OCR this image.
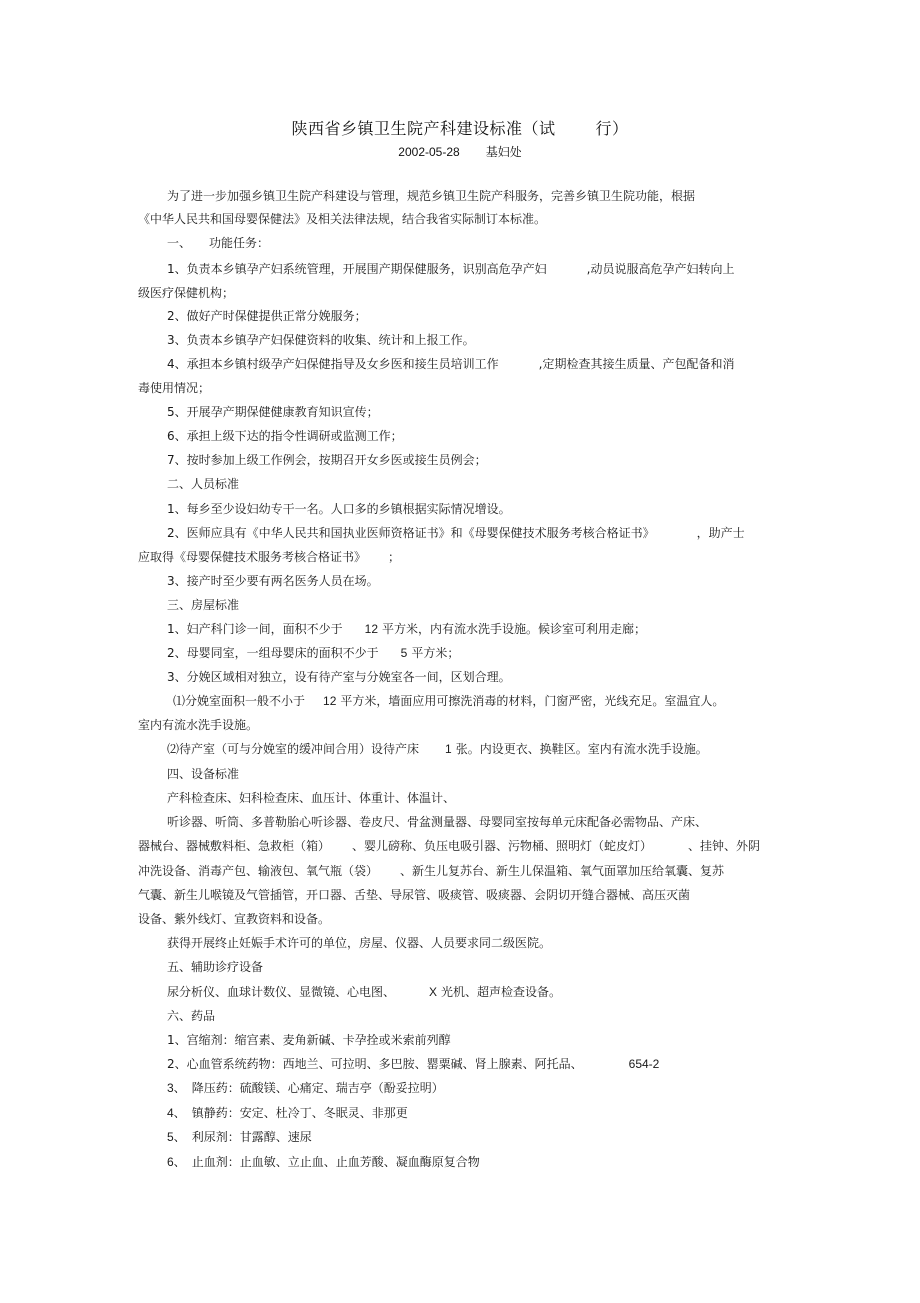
陕西省乡镇卫生院产科建设标准（试	行）
2002-05-28 基妇处
为了进一步加强乡镇卫生院产科建设与管理，规范乡镇卫生院产科服务，完善乡镇卫生院功能，根据
《中华人民共和国母婴保健法》及相关法律法规，结合我省实际制订本标准。
一、 功能任务：
1、负责本乡镇孕产妇系统管理，开展围产期保健服务，识别高危孕产妇	,动员说服高危孕产妇转向上
级医疗保健机构；
2、做好产时保健提供正常分娩服务；
3、负责本乡镇孕产妇保健资料的收集、统计和上报工作。
4、承担本乡镇村级孕产妇保健指导及女乡医和接生员培训工作	,定期检查其接生质量、产包配备和消
毒使用情况；
5、开展孕产期保健健康教育知识宣传；
6、承担上级下达的指令性调研或监测工作；
7、按时参加上级工作例会，按期召开女乡医或接生员例会；
二、人员标准
1、每乡至少设妇幼专干一名。人口多的乡镇根据实际情况增设。
2、医师应具有《中华人民共和国执业医师资格证书》和《母婴保健技术服务考核合格证书》	，助产士
应取得《母婴保健技术服务考核合格证书》 ；
3、接产时至少要有两名医务人员在场。
三、房屋标准
1、妇产科门诊一间，面积不少于 12 平方米，内有流水洗手设施。候诊室可利用走廊；
2、母婴同室，一组母婴床的面积不少于 5 平方米；
3、分娩区域相对独立，设有待产室与分娩室各一间，区划合理。
⑴分娩室面积一般不小于 12 平方米，墙面应用可擦洗消毒的材料，门窗严密，光线充足。室温宜人。
室内有流水洗手设施。
⑵待产室（可与分娩室的缓冲间合用）设待产床 1 张。内设更衣、换鞋区。室内有流水洗手设施。
四、设备标准
产科检查床、妇科检查床、血压计、体重计、体温计、
听诊器、听筒、多普勒胎心听诊器、卷皮尺、骨盆测量器、母婴同室按每单元床配备必需物品、产床、
器械台、器械敷料柜、急救柜（箱） 、婴儿磅称、负压电吸引器、污物桶、照明灯（蛇皮灯）	、挂钟、外阴
冲洗设备、消毒产包、输液包、氧气瓶（袋） 、新生儿复苏台、新生儿保温箱、氧气面罩加压给氧囊、复苏
气囊、新生儿喉镜及气管插管，开口器、舌垫、导尿管、吸痰管、吸痰器、会阴切开缝合器械、高压灭菌
设备、紫外线灯、宣教资料和设备。
获得开展终止妊娠手术许可的单位，房屋、仪器、人员要求同二级医院。
五、辅助诊疗设备
尿分析仪、血球计数仪、显微镜、心电图、	X 光机、超声检查设备。
六、药品
1、宫缩剂：缩宫素、麦角新碱、卡孕拴或米索前列醇
2、心血管系统药物：西地兰、可拉明、多巴胺、罂粟碱、肾上腺素、阿托品、	654-2
3、 降压药：硫酸镁、心痛定、瑞吉亭（酚妥拉明）
4、 镇静药：安定、杜冷丁、冬眠灵、非那更
5、 利尿剂：甘露醇、速尿
6、 止血剂：止血敏、立止血、止血芳酸、凝血酶原复合物
